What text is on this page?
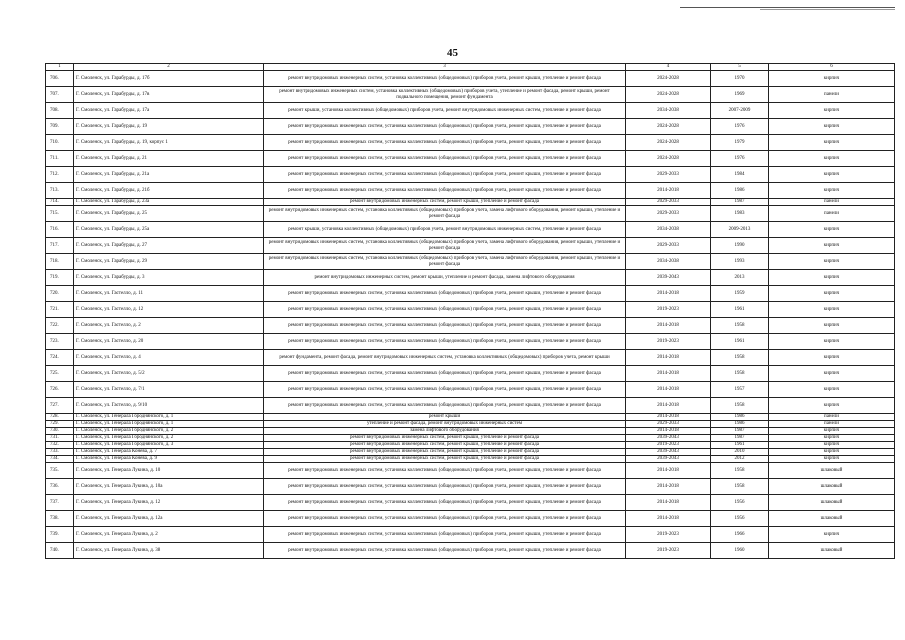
45
1	2	3	4	5	6
706.	Г. Смоленск, ул. Гарабурды, д. 17б	ремонт внутридомовых инженерных систем, установка коллективных (общедомовых) приборов учета, ремонт крыши, утепление и ремонт фасада	2024-2028	1970	кирпич
707.	Г. Смоленск, ул. Гарабурды, д. 17в	ремонт внутридомовых инженерных систем, установка коллективных (общедомовых) приборов учета, утепление и ремонт фасада, ремонт крыши, ремонт подвального помещения, ремонт фундамента	2024-2028	1969	панели
708.	Г. Смоленск, ул. Гарабурды, д. 17а	ремонт крыши, установка коллективных (общедомовых) приборов учета, ремонт внутридомовых инженерных систем, утепление и ремонт фасада	2034-2038	2007-2009	кирпич
709.	Г. Смоленск, ул. Гарабурды, д. 19	ремонт внутридомовых инженерных систем, установка коллективных (общедомовых) приборов учета, ремонт крыши, утепление и ремонт фасада	2024-2028	1976	кирпич
710.	Г. Смоленск, ул. Гарабурды, д. 19, корпус 1	ремонт внутридомовых инженерных систем, установка коллективных (общедомовых) приборов учета, ремонт крыши, утепление и ремонт фасада	2024-2028	1979	кирпич
711.	Г. Смоленск, ул. Гарабурды, д. 21	ремонт внутридомовых инженерных систем, установка коллективных (общедомовых) приборов учета, ремонт крыши, утепление и ремонт фасада	2024-2028	1976	кирпич
712.	Г. Смоленск, ул. Гарабурды, д. 21а	ремонт внутридомовых инженерных систем, установка коллективных (общедомовых) приборов учета, ремонт крыши, утепление и ремонт фасада	2029-2033	1984	кирпич
713.	Г. Смоленск, ул. Гарабурды, д. 21б	ремонт внутридомовых инженерных систем, установка коллективных (общедомовых) приборов учета, ремонт крыши, утепление и ремонт фасада	2014-2018	1986	кирпич
714.	Г. Смоленск, ул. Гарабурды, д. 23а	ремонт внутридомовых инженерных систем, ремонт крыши, утепление и ремонт фасада	2029-2033	1987	панели
715.	Г. Смоленск, ул. Гарабурды, д. 25	ремонт внутридомовых инженерных систем, установка коллективных (общедомовых) приборов учета, замена лифтового оборудования, ремонт крыши, утепление и ремонт фасада	2029-2033	1983	панели
716.	Г. Смоленск, ул. Гарабурды, д. 25а	ремонт крыши, установка коллективных (общедомовых) приборов учета, ремонт внутридомовых инженерных систем, утепление и ремонт фасада	2034-2038	2009-2013	кирпич
717.	Г. Смоленск, ул. Гарабурды, д. 27	ремонт внутридомовых инженерных систем, установка коллективных (общедомовых) приборов учета, замена лифтового оборудования, ремонт крыши, утепление и ремонт фасада	2029-2033	1990	кирпич
718.	Г. Смоленск, ул. Гарабурды, д. 29	ремонт внутридомовых инженерных систем, установка коллективных (общедомовых) приборов учета, замена лифтового оборудования, ремонт крыши, утепление и ремонт фасада	2034-2038	1993	кирпич
719.	Г. Смоленск, ул. Гарабурды, д. 3	ремонт внутридомовых инженерных систем, ремонт крыши, утепление и ремонт фасада, замена лифтового оборудования	2039-2043	2013	кирпич
720.	Г. Смоленск, ул. Гастелло, д. 11	ремонт внутридомовых инженерных систем, установка коллективных (общедомовых) приборов учета, ремонт крыши, утепление и ремонт фасада	2014-2018	1959	кирпич
721.	Г. Смоленск, ул. Гастелло, д. 12	ремонт внутридомовых инженерных систем, установка коллективных (общедомовых) приборов учета, ремонт крыши, утепление и ремонт фасада	2019-2023	1961	кирпич
722.	Г. Смоленск, ул. Гастелло, д. 2	ремонт внутридомовых инженерных систем, установка коллективных (общедомовых) приборов учета, ремонт крыши, утепление и ремонт фасада	2014-2018	1958	кирпич
723.	Г. Смоленск, ул. Гастелло, д. 20	ремонт внутридомовых инженерных систем, установка коллективных (общедомовых) приборов учета, ремонт крыши, утепление и ремонт фасада	2019-2023	1961	кирпич
724.	Г. Смоленск, ул. Гастелло, д. 4	ремонт фундамента, ремонт фасада, ремонт внутридомовых инженерных систем, установка коллективных (общедомовых) приборов учета, ремонт крыши	2014-2018	1958	кирпич
725.	Г. Смоленск, ул. Гастелло, д. 5/2	ремонт внутридомовых инженерных систем, установка коллективных (общедомовых) приборов учета, ремонт крыши, утепление и ремонт фасада	2014-2018	1958	кирпич
726.	Г. Смоленск, ул. Гастелло, д. 7/1	ремонт внутридомовых инженерных систем, установка коллективных (общедомовых) приборов учета, ремонт крыши, утепление и ремонт фасада	2014-2018	1957	кирпич
727.	Г. Смоленск, ул. Гастелло, д. 9/10	ремонт внутридомовых инженерных систем, установка коллективных (общедомовых) приборов учета, ремонт крыши, утепление и ремонт фасада	2014-2018	1958	кирпич
728.	Г. Смоленск, ул. Генерала Городнянского, д. 1	ремонт крыши	2014-2018	1986	панели
729.	Г. Смоленск, ул. Генерала Городнянского, д. 1	утепление и ремонт фасада, ремонт внутридомовых инженерных систем	2029-2033	1986	панели
730.	Г. Смоленск, ул. Генерала Городнянского, д. 2	замена лифтового оборудования	2014-2018	1987	кирпич
731.	Г. Смоленск, ул. Генерала Городнянского, д. 2	ремонт внутридомовых инженерных систем, ремонт крыши, утепление и ремонт фасада	2039-2043	1987	кирпич
732.	Г. Смоленск, ул. Генерала Городнянского, д. 3	ремонт внутридомовых инженерных систем, ремонт крыши, утепление и ремонт фасада	2019-2023	1961	кирпич
733.	Г. Смоленск, ул. Генерала Конева, д. 7	ремонт внутридомовых инженерных систем, ремонт крыши, утепление и ремонт фасада	2039-2043	2010	кирпич
734.	Г. Смоленск, ул. Генерала Конева, д. 9	ремонт внутридомовых инженерных систем, ремонт крыши, утепление и ремонт фасада	2039-2043	2012	кирпич
735.	Г. Смоленск, ул. Генерала Лукина, д. 10	ремонт внутридомовых инженерных систем, установка коллективных (общедомовых) приборов учета, ремонт крыши, утепление и ремонт фасада	2014-2018	1958	шлаковый
736.	Г. Смоленск, ул. Генерала Лукина, д. 10а	ремонт внутридомовых инженерных систем, установка коллективных (общедомовых) приборов учета, ремонт крыши, утепление и ремонт фасада	2014-2018	1958	шлаковый
737.	Г. Смоленск, ул. Генерала Лукина, д. 12	ремонт внутридомовых инженерных систем, установка коллективных (общедомовых) приборов учета, ремонт крыши, утепление и ремонт фасада	2014-2018	1956	шлаковый
738.	Г. Смоленск, ул. Генерала Лукина, д. 12а	ремонт внутридомовых инженерных систем, установка коллективных (общедомовых) приборов учета, ремонт крыши, утепление и ремонт фасада	2014-2018	1956	шлаковый
739.	Г. Смоленск, ул. Генерала Лукина, д. 2	ремонт внутридомовых инженерных систем, установка коллективных (общедомовых) приборов учета, ремонт крыши, утепление и ремонт фасада	2019-2023	1966	кирпич
740.	Г. Смоленск, ул. Генерала Лукина, д. 38	ремонт внутридомовых инженерных систем, установка коллективных (общедомовых) приборов учета, ремонт крыши, утепление и ремонт фасада	2019-2023	1960	шлаковый
